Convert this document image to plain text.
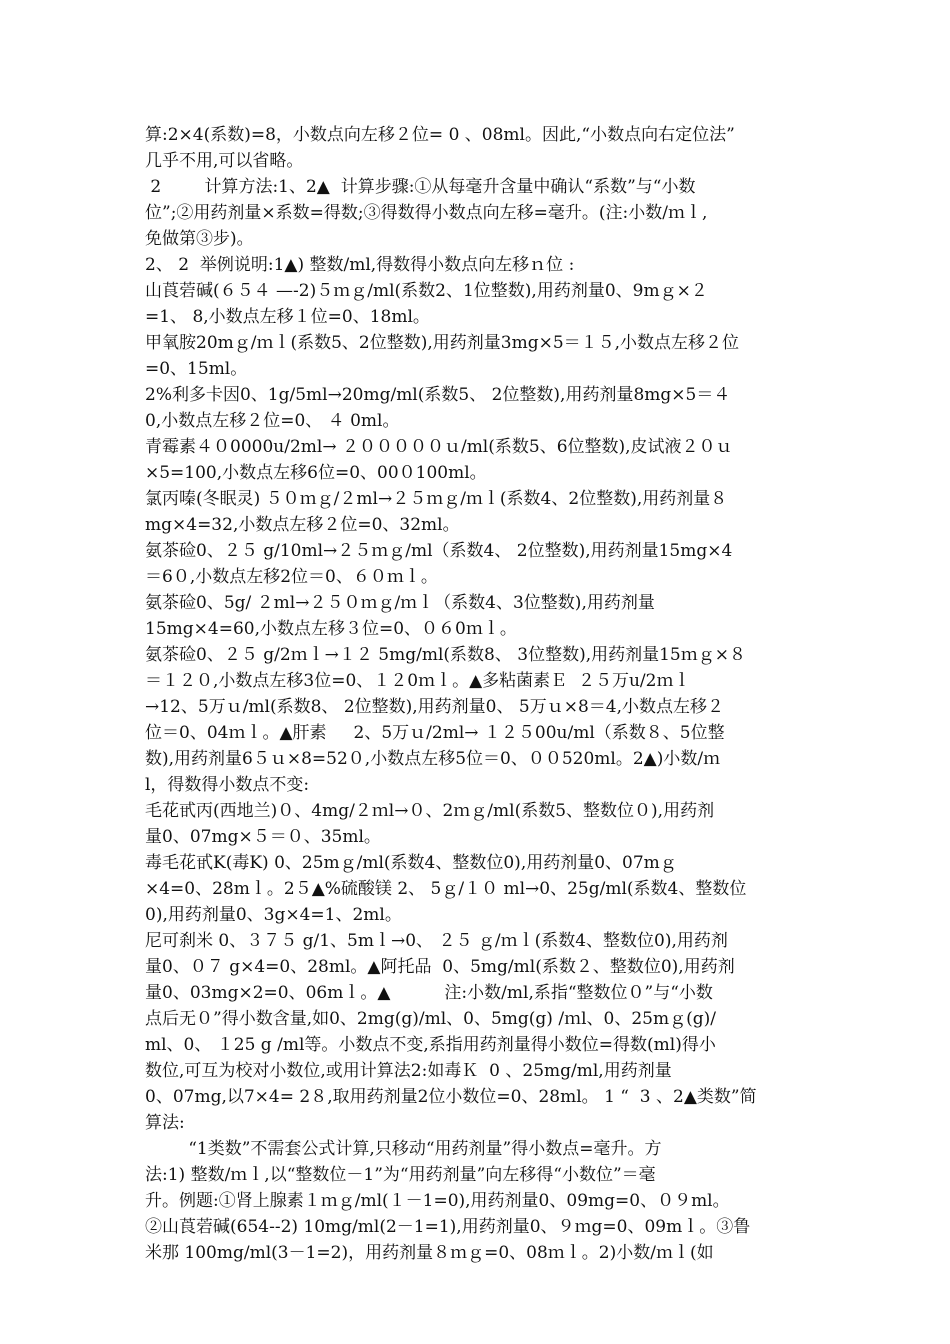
算:2×4(系数)=8，小数点向左移２位= 0 、08ml。因此,“小数点向右定位法”
几乎不用,可以省略。
2        计算方法:1、2▲  计算步骤:①从每毫升含量中确认“系数”与“小数
位”;②用药剂量×系数=得数;③得数得小数点向左移=毫升。(注:小数/ｍｌ,
免做第③步)。
2、 2  举例说明:1▲) 整数/ml,得数得小数点向左移ｎ位 :
山莨菪碱(６５４ —-2)５ｍｇ/ml(系数2、1位整数),用药剂量0、9mｇ×２
=1、 8,小数点左移１位=0、18ml。
甲氧胺20mｇ/ｍｌ(系数5、2位整数),用药剂量3mg×5＝１５,小数点左移２位
=0、15ml。
2%利多卡因0、1g/5ml→20mg/ml(系数5、 2位整数),用药剂量8mg×5＝４
0,小数点左移２位=0、 ４ 0ml。
青霉素４０0000u/2ml→ ２０００００ｕ/ml(系数5、6位整数),皮试液２０ｕ
×5=100,小数点左移6位=0、00０100ml。
氯丙嗪(冬眠灵) ５０ｍｇ/２ml→２５ｍｇ/ｍｌ(系数4、2位整数),用药剂量８
mg×4=32,小数点左移２位=0、32ml。
氨茶硷0、２５ g/10ml→２５ｍｇ/ml（系数4、 2位整数),用药剂量15mg×4
＝6０,小数点左移2位＝0、６０ｍｌ。
氨茶硷0、5g/ ２ml→２５０ｍｇ/ｍｌ（系数4、3位整数),用药剂量
15mg×4=60,小数点左移３位=0、０６0ｍｌ。
氨茶硷0、２５ g/2ｍｌ→１２ 5mg/ml(系数8、 3位整数),用药剂量15ｍｇ×８
＝１２０,小数点左移3位=0、１２0ｍｌ。▲多粘菌素Ｅ  ２５万u/2ｍｌ
→12、5万ｕ/ml(系数8、 2位整数),用药剂量0、 5万ｕ×8＝4,小数点左移２
位＝0、04ｍｌ。▲肝素     2、5万ｕ/2ml→ １２５00u/ml（系数８、5位整
数),用药剂量6５ｕ×8=52０,小数点左移5位＝0、００520ml。2▲)小数/ｍ
l，得数得小数点不变:
毛花甙丙(西地兰)０、4mg/２ｍl→０、2ｍｇ/ml(系数5、整数位０),用药剂
量0、07mg×５＝０、35ml。
毒毛花甙K(毒K) 0、25mｇ/ml(系数4、整数位0),用药剂量0、07mｇ
×4=0、28mｌ。2５▲%硫酸镁 2、 5ｇ/１０ ml→0、25g/ml(系数4、整数位
0),用药剂量0、3g×4=1、2ml。
尼可刹米 0、３７５ g/1、5mｌ→0、 ２５ ｇ/ｍｌ(系数4、整数位0),用药剂
量0、０７ g×4=0、28ml。▲阿托品  0、5mg/ml(系数２、整数位0),用药剂
量0、03mg×2=0、06mｌ。▲          注:小数/ml,系指“整数位０”与“小数
点后无０”得小数含量,如0、2mg(g)/ml、0、5mg(g) /ｍl、0、25mｇ(g)/
ml、0、 １25 g /ml等。小数点不变,系指用药剂量得小数位=得数(ml)得小
数位,可互为校对小数位,或用计算法2:如毒Ｋ  0 、25mg/ml,用药剂量
0、07mg,以7×4= 2８,取用药剂量2位小数位=0、28ml。 1 “  3 、2▲类数”简
算法:
“1类数”不需套公式计算,只移动“用药剂量”得小数点=毫升。方
法:1) 整数/ｍｌ,以“整数位－1”为“用药剂量”向左移得“小数位”＝毫
升。例题:①肾上腺素１ｍｇ/ml(１－1=0),用药剂量0、09mg=0、０９ml。
②山莨菪碱(654--2) 10mg/ml(2－1=1),用药剂量0、９ｍg=0、09mｌ。③鲁
米那 100mg/ml(3－1=2)，用药剂量８ｍｇ=0、08ｍｌ。2)小数/ｍｌ(如
